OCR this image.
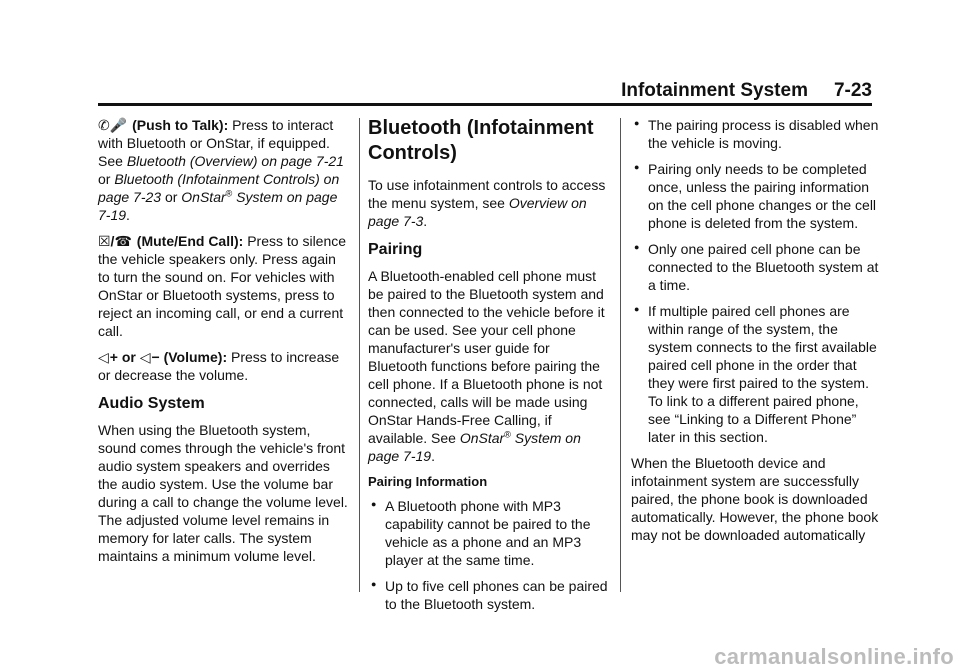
Infotainment System 7-23

✆🎤 (Push to Talk): Press to interact with Bluetooth or OnStar, if equipped. See Bluetooth (Overview) on page 7-21 or Bluetooth (Infotainment Controls) on page 7-23 or OnStar® System on page 7-19.

☒/☎ (Mute/End Call): Press to silence the vehicle speakers only. Press again to turn the sound on. For vehicles with OnStar or Bluetooth systems, press to reject an incoming call, or end a current call.

◁+ or ◁− (Volume): Press to increase or decrease the volume.

Audio System

When using the Bluetooth system, sound comes through the vehicle's front audio system speakers and overrides the audio system. Use the volume bar during a call to change the volume level. The adjusted volume level remains in memory for later calls. The system maintains a minimum volume level.

Bluetooth (Infotainment Controls)

To use infotainment controls to access the menu system, see Overview on page 7-3.

Pairing

A Bluetooth-enabled cell phone must be paired to the Bluetooth system and then connected to the vehicle before it can be used. See your cell phone manufacturer's user guide for Bluetooth functions before pairing the cell phone. If a Bluetooth phone is not connected, calls will be made using OnStar Hands-Free Calling, if available. See OnStar® System on page 7-19.

Pairing Information
● A Bluetooth phone with MP3 capability cannot be paired to the vehicle as a phone and an MP3 player at the same time.
● Up to five cell phones can be paired to the Bluetooth system.
● The pairing process is disabled when the vehicle is moving.
● Pairing only needs to be completed once, unless the pairing information on the cell phone changes or the cell phone is deleted from the system.
● Only one paired cell phone can be connected to the Bluetooth system at a time.
● If multiple paired cell phones are within range of the system, the system connects to the first available paired cell phone in the order that they were first paired to the system. To link to a different paired phone, see “Linking to a Different Phone” later in this section.

When the Bluetooth device and infotainment system are successfully paired, the phone book is downloaded automatically. However, the phone book may not be downloaded automatically

carmanualsonline.info
